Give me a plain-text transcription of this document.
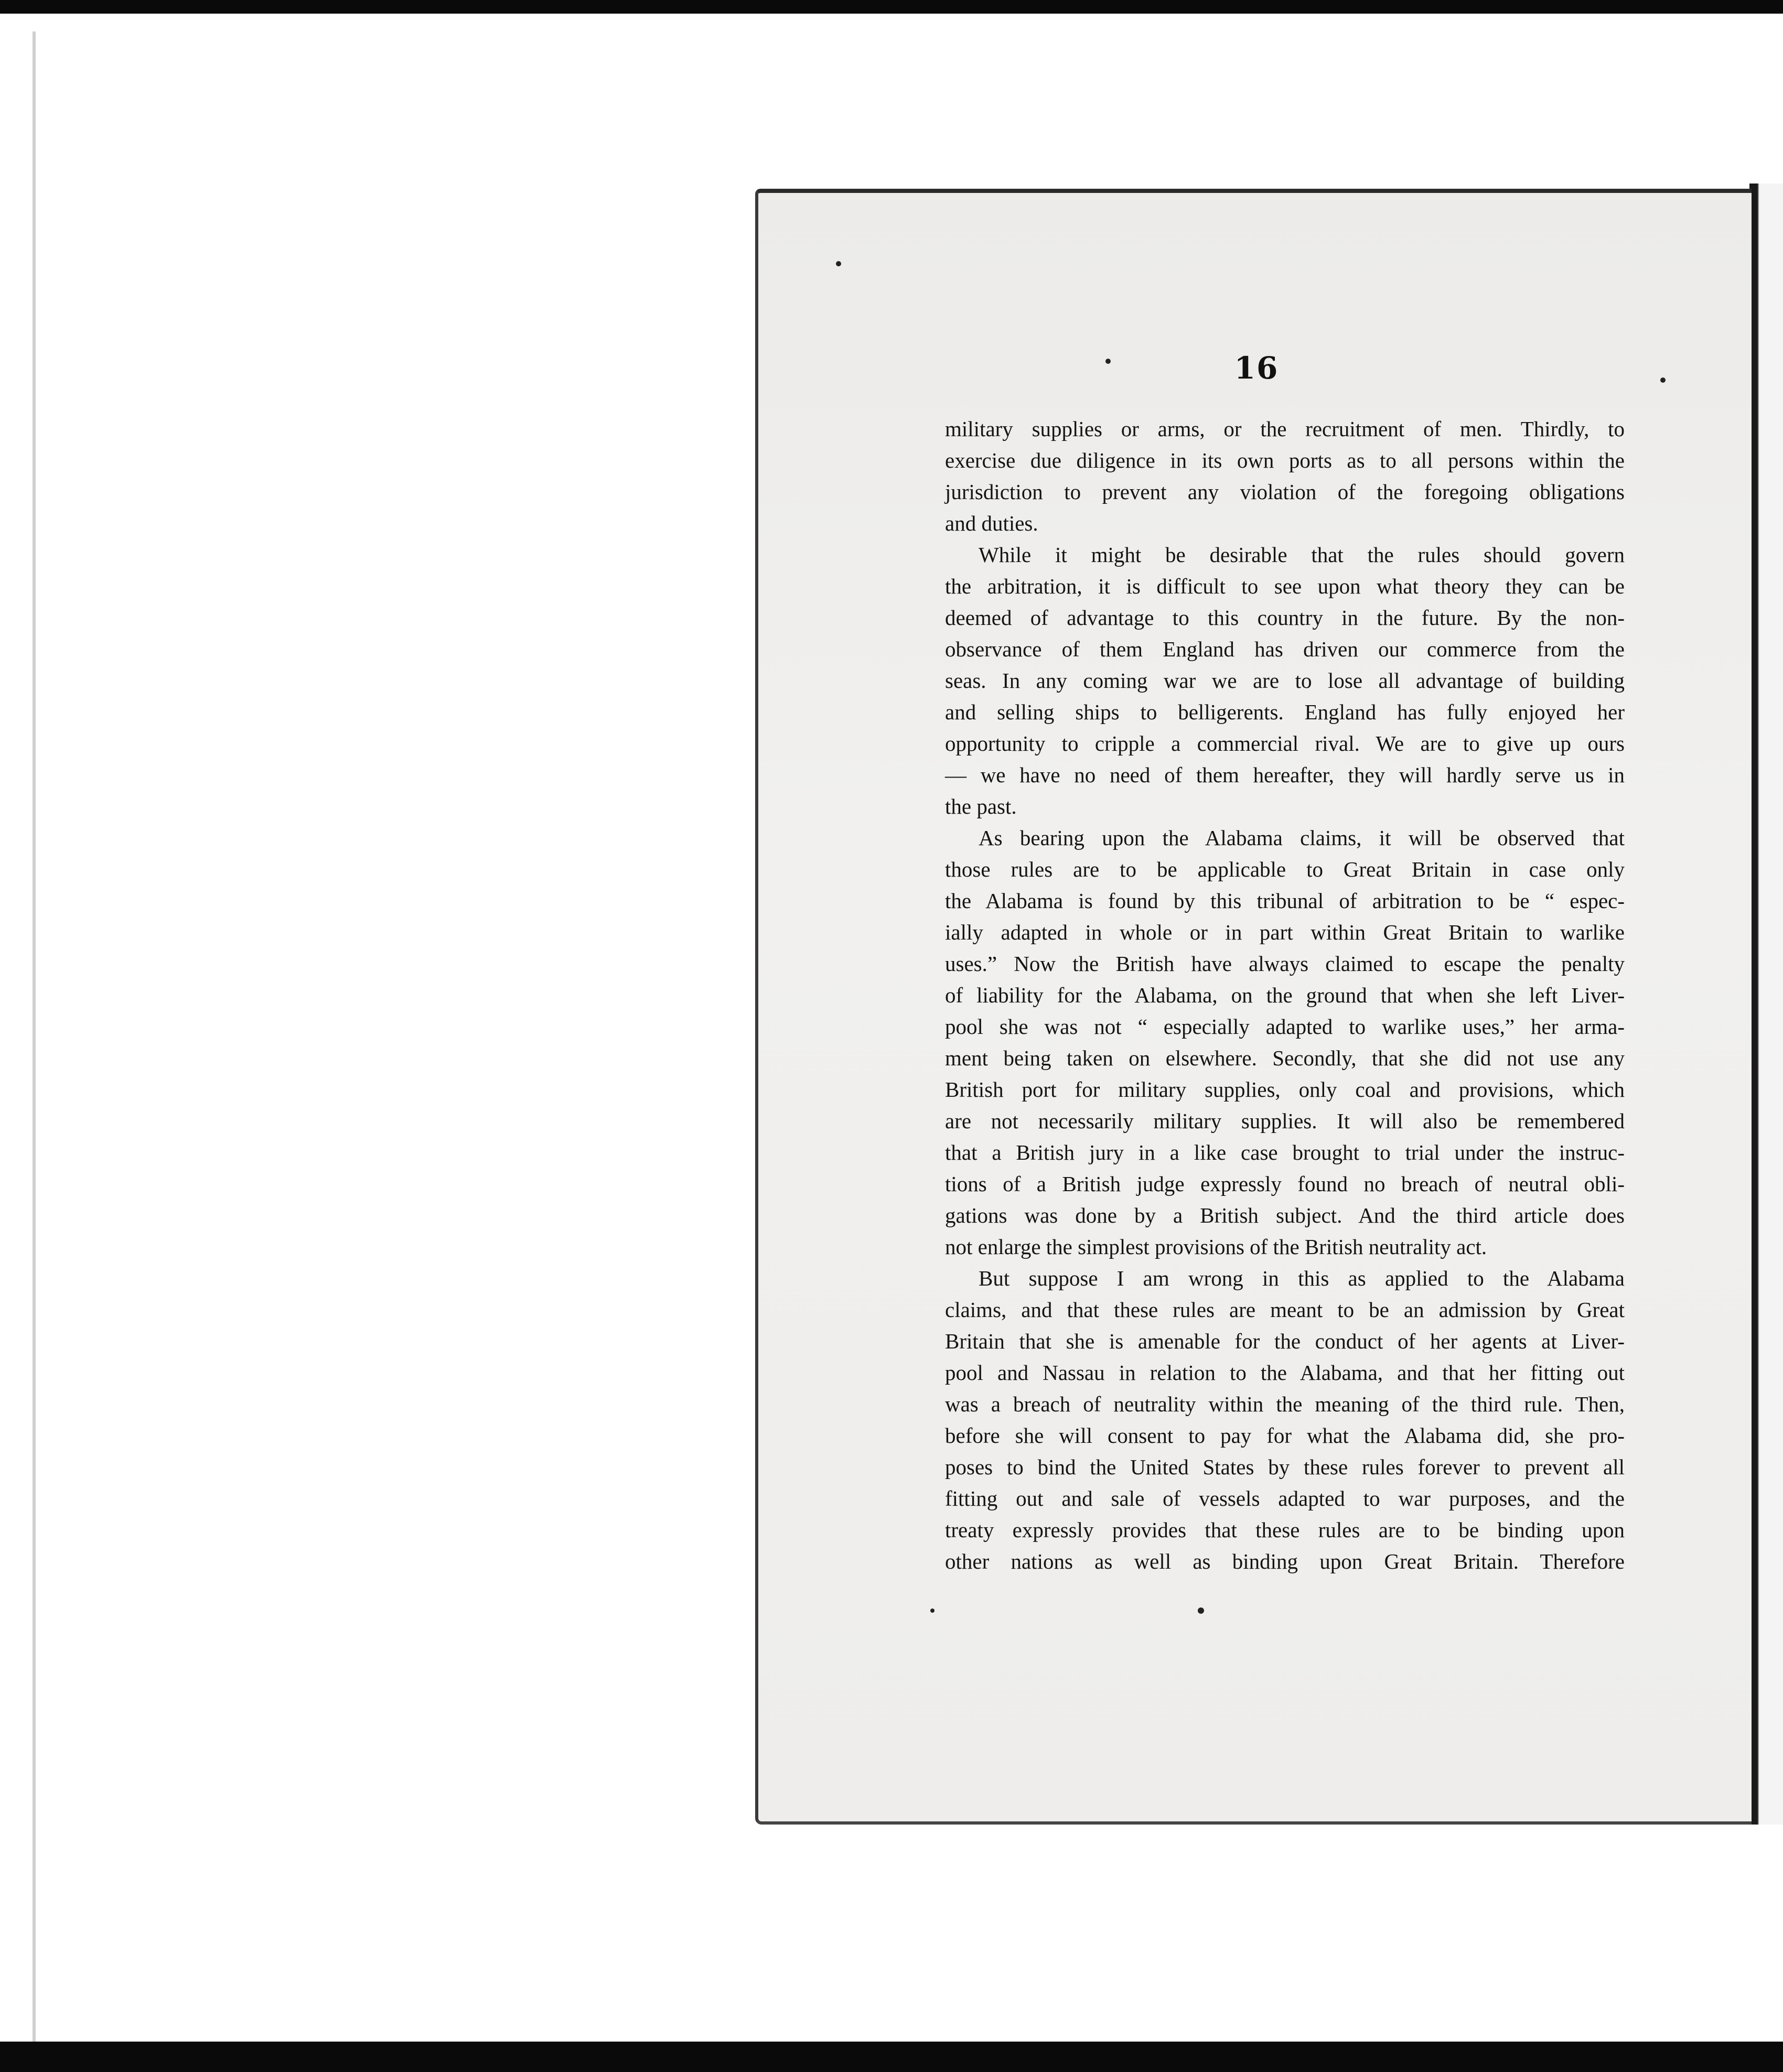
16
military supplies or arms, or the recruitment of men. Thirdly, to
exercise due diligence in its own ports as to all persons within the
jurisdiction to prevent any violation of the foregoing obligations
and duties.
While it might be desirable that the rules should govern
the arbitration, it is difficult to see upon what theory they can be
deemed of advantage to this country in the future. By the non-
observance of them England has driven our commerce from the
seas. In any coming war we are to lose all advantage of building
and selling ships to belligerents. England has fully enjoyed her
opportunity to cripple a commercial rival. We are to give up ours
— we have no need of them hereafter, they will hardly serve us in
the past.
As bearing upon the Alabama claims, it will be observed that
those rules are to be applicable to Great Britain in case only
the Alabama is found by this tribunal of arbitration to be “ espec-
ially adapted in whole or in part within Great Britain to warlike
uses.” Now the British have always claimed to escape the penalty
of liability for the Alabama, on the ground that when she left Liver-
pool she was not “ especially adapted to warlike uses,” her arma-
ment being taken on elsewhere. Secondly, that she did not use any
British port for military supplies, only coal and provisions, which
are not necessarily military supplies. It will also be remembered
that a British jury in a like case brought to trial under the instruc-
tions of a British judge expressly found no breach of neutral obli-
gations was done by a British subject. And the third article does
not enlarge the simplest provisions of the British neutrality act.
But suppose I am wrong in this as applied to the Alabama
claims, and that these rules are meant to be an admission by Great
Britain that she is amenable for the conduct of her agents at Liver-
pool and Nassau in relation to the Alabama, and that her fitting out
was a breach of neutrality within the meaning of the third rule. Then,
before she will consent to pay for what the Alabama did, she pro-
poses to bind the United States by these rules forever to prevent all
fitting out and sale of vessels adapted to war purposes, and the
treaty expressly provides that these rules are to be binding upon
other nations as well as binding upon Great Britain. Therefore
